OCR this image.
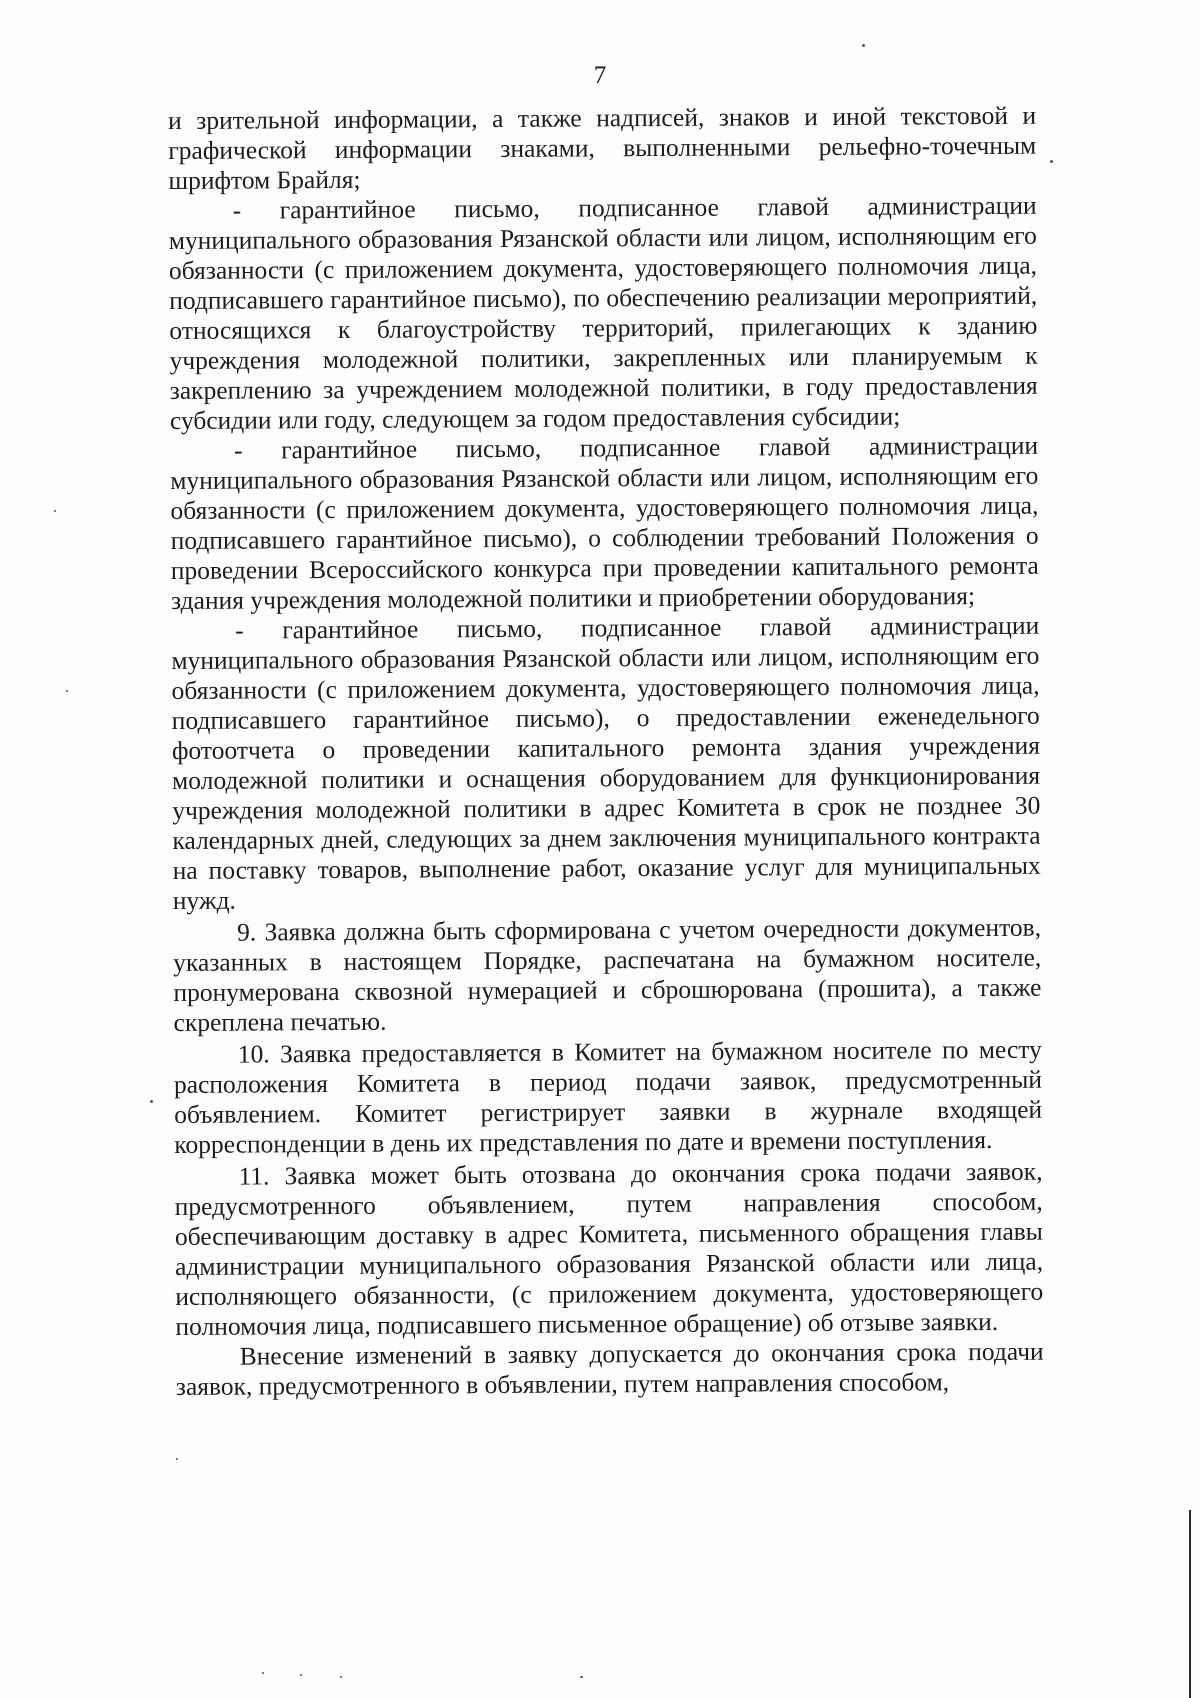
7

и зрительной информации, а также надписей, знаков и иной текстовой и графической информации знаками, выполненными рельефно-точечным шрифтом Брайля;

- гарантийное письмо, подписанное главой администрации муниципального образования Рязанской области или лицом, исполняющим его обязанности (с приложением документа, удостоверяющего полномочия лица, подписавшего гарантийное письмо), по обеспечению реализации мероприятий, относящихся к благоустройству территорий, прилегающих к зданию учреждения молодежной политики, закрепленных или планируемым к закреплению за учреждением молодежной политики, в году предоставления субсидии или году, следующем за годом предоставления субсидии;

- гарантийное письмо, подписанное главой администрации муниципального образования Рязанской области или лицом, исполняющим его обязанности (с приложением документа, удостоверяющего полномочия лица, подписавшего гарантийное письмо), о соблюдении требований Положения о проведении Всероссийского конкурса при проведении капитального ремонта здания учреждения молодежной политики и приобретении оборудования;

- гарантийное письмо, подписанное главой администрации муниципального образования Рязанской области или лицом, исполняющим его обязанности (с приложением документа, удостоверяющего полномочия лица, подписавшего гарантийное письмо), о предоставлении еженедельного фотоотчета о проведении капитального ремонта здания учреждения молодежной политики и оснащения оборудованием для функционирования учреждения молодежной политики в адрес Комитета в срок не позднее 30 календарных дней, следующих за днем заключения муниципального контракта на поставку товаров, выполнение работ, оказание услуг для муниципальных нужд.

9. Заявка должна быть сформирована с учетом очередности документов, указанных в настоящем Порядке, распечатана на бумажном носителе, пронумерована сквозной нумерацией и сброшюрована (прошита), а также скреплена печатью.

10. Заявка предоставляется в Комитет на бумажном носителе по месту расположения Комитета в период подачи заявок, предусмотренный объявлением. Комитет регистрирует заявки в журнале входящей корреспонденции в день их представления по дате и времени поступления.

11. Заявка может быть отозвана до окончания срока подачи заявок, предусмотренного объявлением, путем направления способом, обеспечивающим доставку в адрес Комитета, письменного обращения главы администрации муниципального образования Рязанской области или лица, исполняющего обязанности, (с приложением документа, удостоверяющего полномочия лица, подписавшего письменное обращение) об отзыве заявки.

Внесение изменений в заявку допускается до окончания срока подачи заявок, предусмотренного в объявлении, путем направления способом,
